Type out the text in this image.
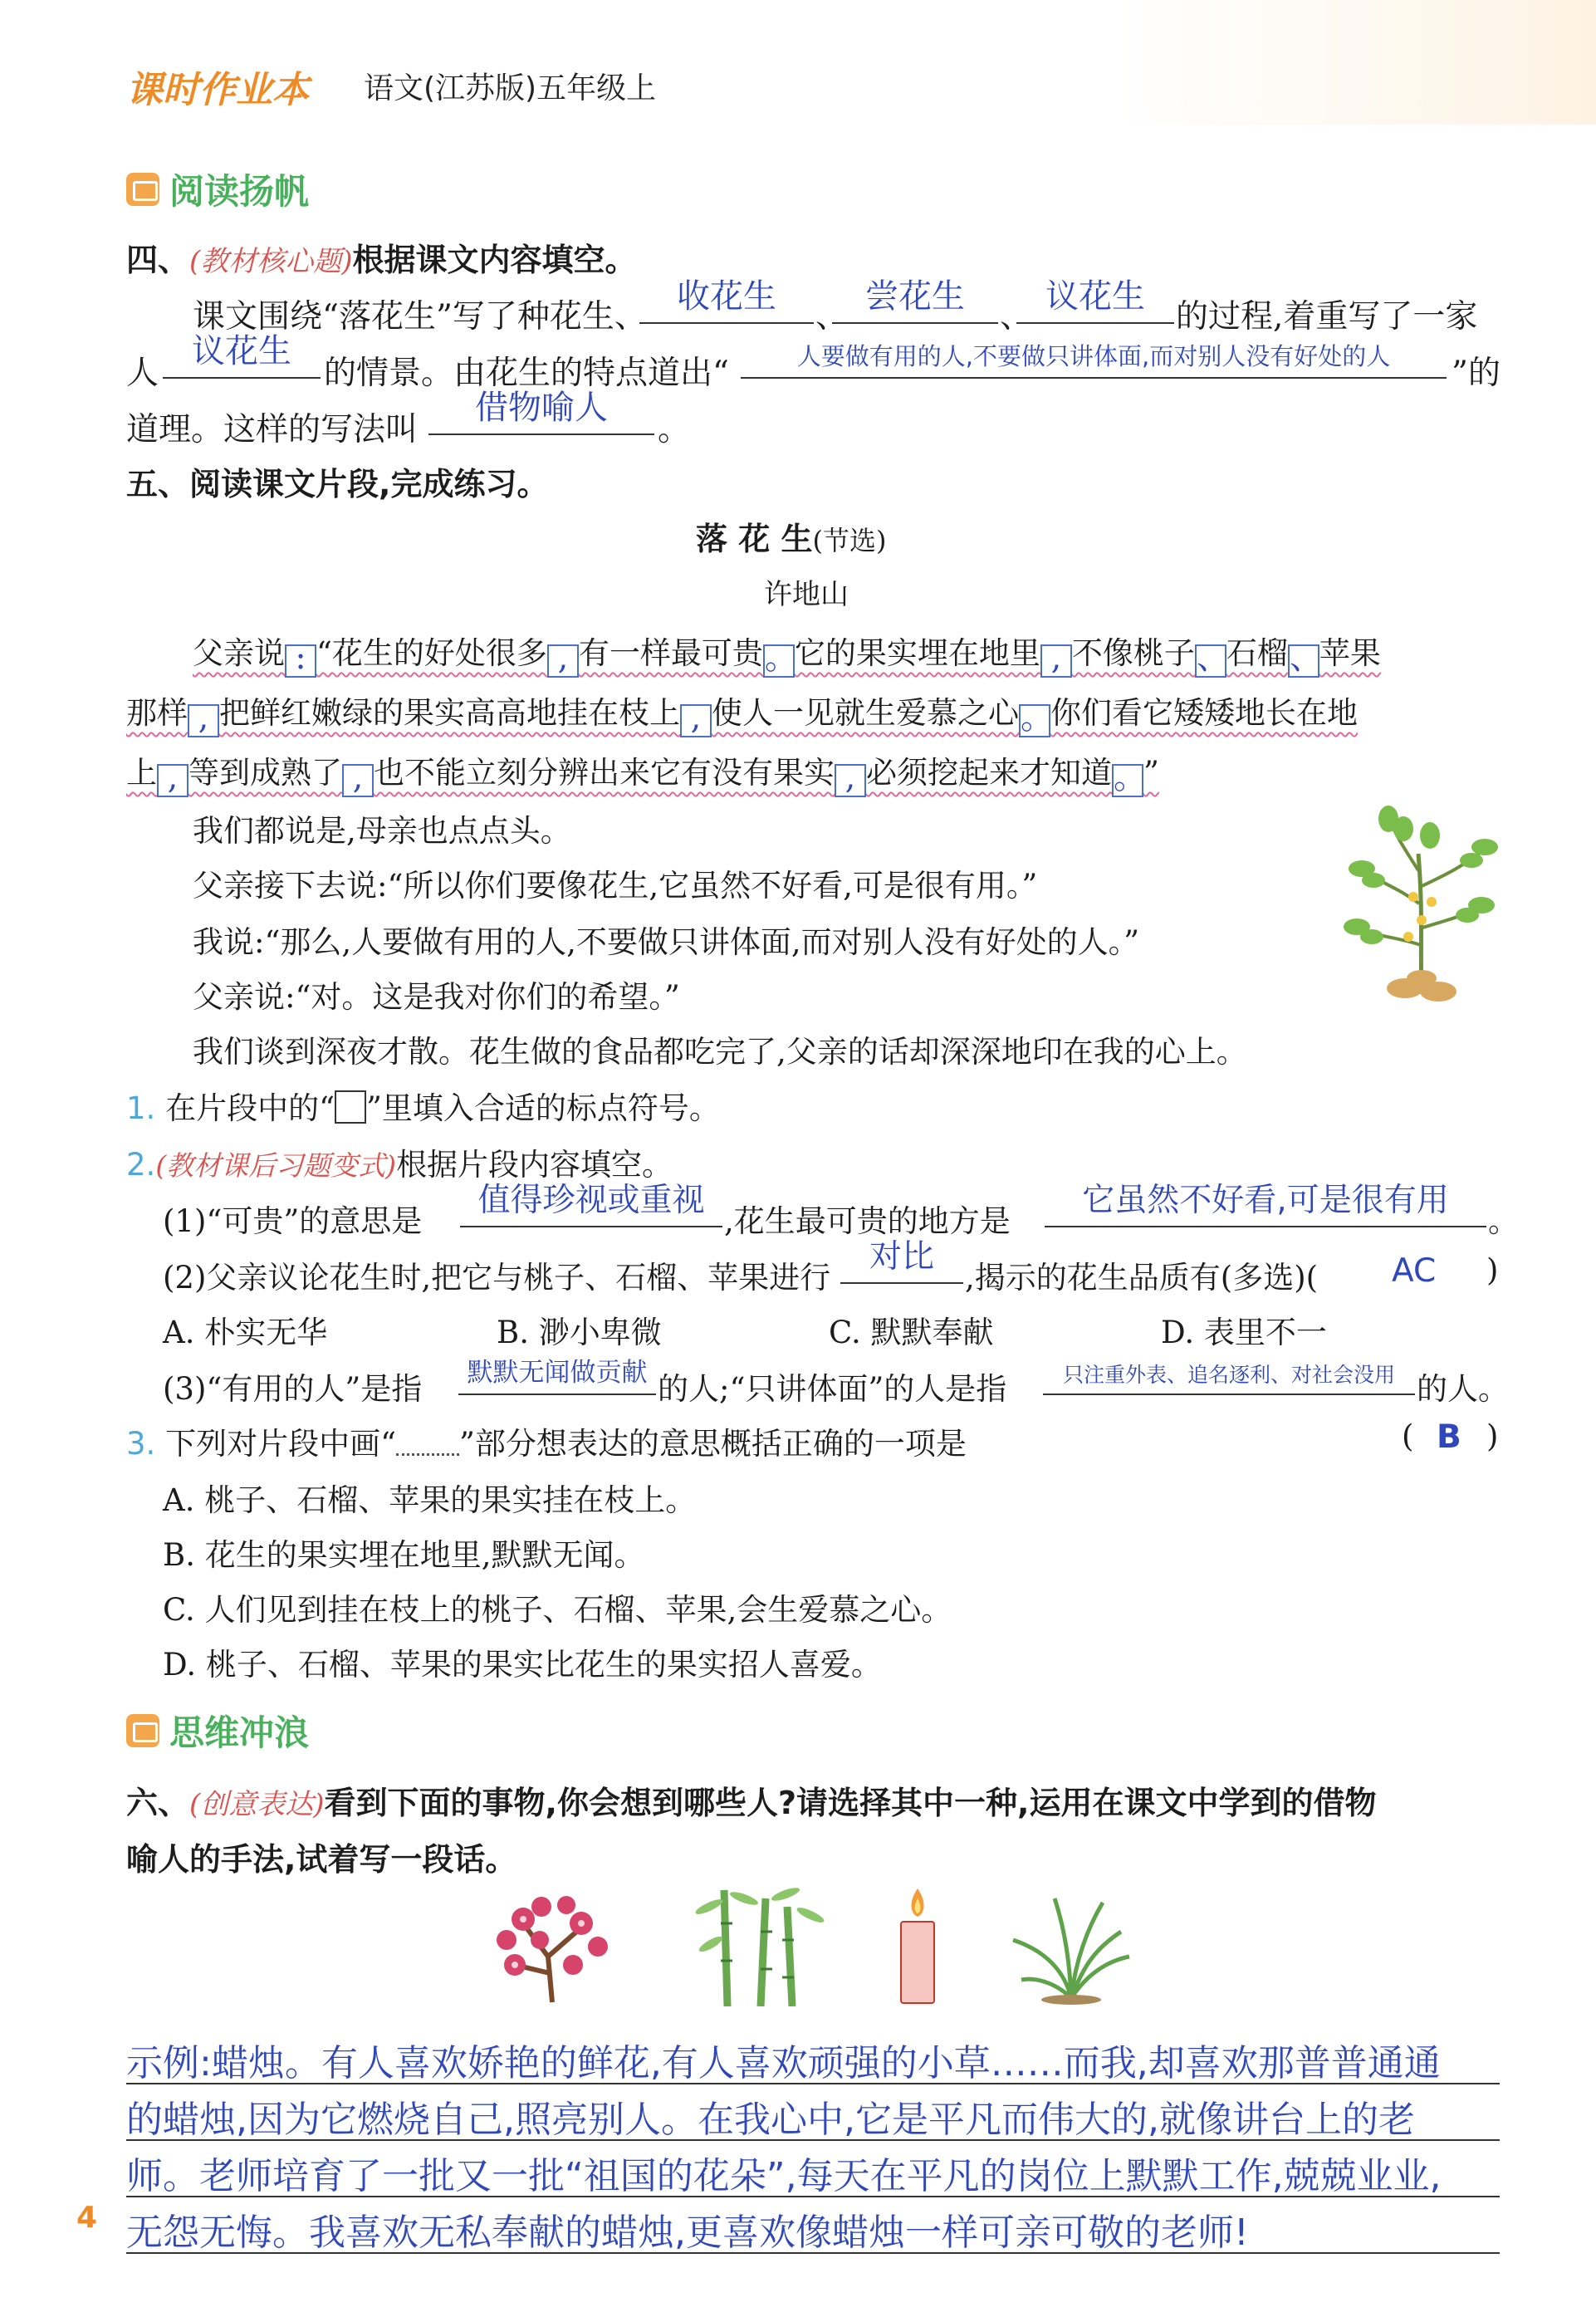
课时作业本 语文(江苏版)五年级上
阅读扬帆
四、(教材核心题)根据课文内容填空。
课文围绕“落花生”写了种花生、
收花生
、
尝花生
、
议花生
的过程,着重写了一家
人
议花生
的情景。由花生的特点道出“	人要做有用的人,不要做只讲体面,而对别人没有好处的人	”的
道理。这样的写法叫
借物喻人
。
五、阅读课文片段,完成练习。
落 花 生(节选)
许地山
父亲说 : “花生的好处很多 , 有一样最可贵。它的果实埋在地里 , 不像桃子、石榴、苹果
那样 , 把鲜红嫩绿的果实高高地挂在枝上 , 使人一见就生爱慕之心。你们看它矮矮地长在地
上 , 等到成熟了 , 也不能立刻分辨出来它有没有果实 , 必须挖起来才知道。”
我们都说是,母亲也点点头。
父亲接下去说:“所以你们要像花生,它虽然不好看,可是很有用。”
我说:“那么,人要做有用的人,不要做只讲体面,而对别人没有好处的人。”
父亲说:“对。这是我对你们的希望。”
我们谈到深夜才散。花生做的食品都吃完了,父亲的话却深深地印在我的心上。
1. 在片段中的“ ”里填入合适的标点符号。
2.(教材课后习题变式)根据片段内容填空。
(1)“可贵”的意思是
值得珍视或重视
,花生最可贵的地方是
它虽然不好看,可是很有用
。
(2)父亲议论花生时,把它与桃子、石榴、苹果进行
对比
,揭示的花生品质有(多选)( AC )
A. 朴实无华	B. 渺小卑微	C. 默默奉献	D. 表里不一
(3)“有用的人”是指	默默无闻做贡献 的人;“只讲体面”的人是指	只注重外表、追名逐利、对社会没用 的人。
3. 下列对片段中画“ ”部分想表达的意思概括正确的一项是	( B )
A. 桃子、石榴、苹果的果实挂在枝上。
B. 花生的果实埋在地里,默默无闻。
C. 人们见到挂在枝上的桃子、石榴、苹果,会生爱慕之心。
D. 桃子、石榴、苹果的果实比花生的果实招人喜爱。
思维冲浪
六、(创意表达)看到下面的事物,你会想到哪些人?请选择其中一种,运用在课文中学到的借物
喻人的手法,试着写一段话。
示例:蜡烛。有人喜欢娇艳的鲜花,有人喜欢顽强的小草……而我,却喜欢那普普通通
的蜡烛,因为它燃烧自己,照亮别人。在我心中,它是平凡而伟大的,就像讲台上的老
师。老师培育了一批又一批“祖国的花朵”,每天在平凡的岗位上默默工作,兢兢业业,
无怨无悔。我喜欢无私奉献的蜡烛,更喜欢像蜡烛一样可亲可敬的老师!
4
